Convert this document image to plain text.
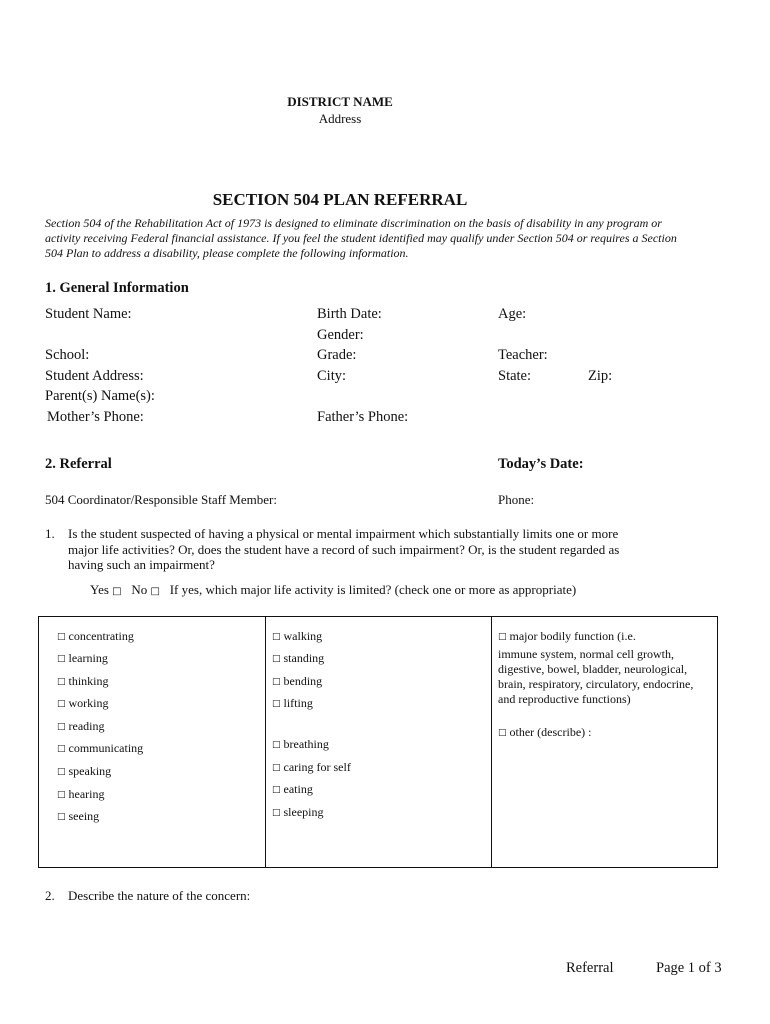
DISTRICT NAME
Address
SECTION 504 PLAN REFERRAL
Section 504 of the Rehabilitation Act of 1973 is designed to eliminate discrimination on the basis of disability in any program or activity receiving Federal financial assistance. If you feel the student identified may qualify under Section 504 or requires a Section 504 Plan to address a disability, please complete the following information.
1. General Information
Student Name:	Birth Date:	Age:
Gender:
School:	Grade:	Teacher:
Student Address:	City:	State:	Zip:
Parent(s) Name(s):
Mother’s Phone:	Father’s Phone:
2. Referral	Today’s Date:
504 Coordinator/Responsible Staff Member:	Phone:
1. Is the student suspected of having a physical or mental impairment which substantially limits one or more major life activities? Or, does the student have a record of such impairment? Or, is the student regarded as having such an impairment?
Yes □ No □ If yes, which major life activity is limited? (check one or more as appropriate)
□ concentrating
□ learning
□ thinking
□ working
□ reading
□ communicating
□ speaking
□ hearing
□ seeing
□ walking
□ standing
□ bending
□ lifting
□ breathing
□ caring for self
□ eating
□ sleeping
□ major bodily function (i.e.
immune system, normal cell growth, digestive, bowel, bladder, neurological, brain, respiratory, circulatory, endocrine, and reproductive functions)
□ other (describe) :
2. Describe the nature of the concern:
Referral	Page 1 of 3
